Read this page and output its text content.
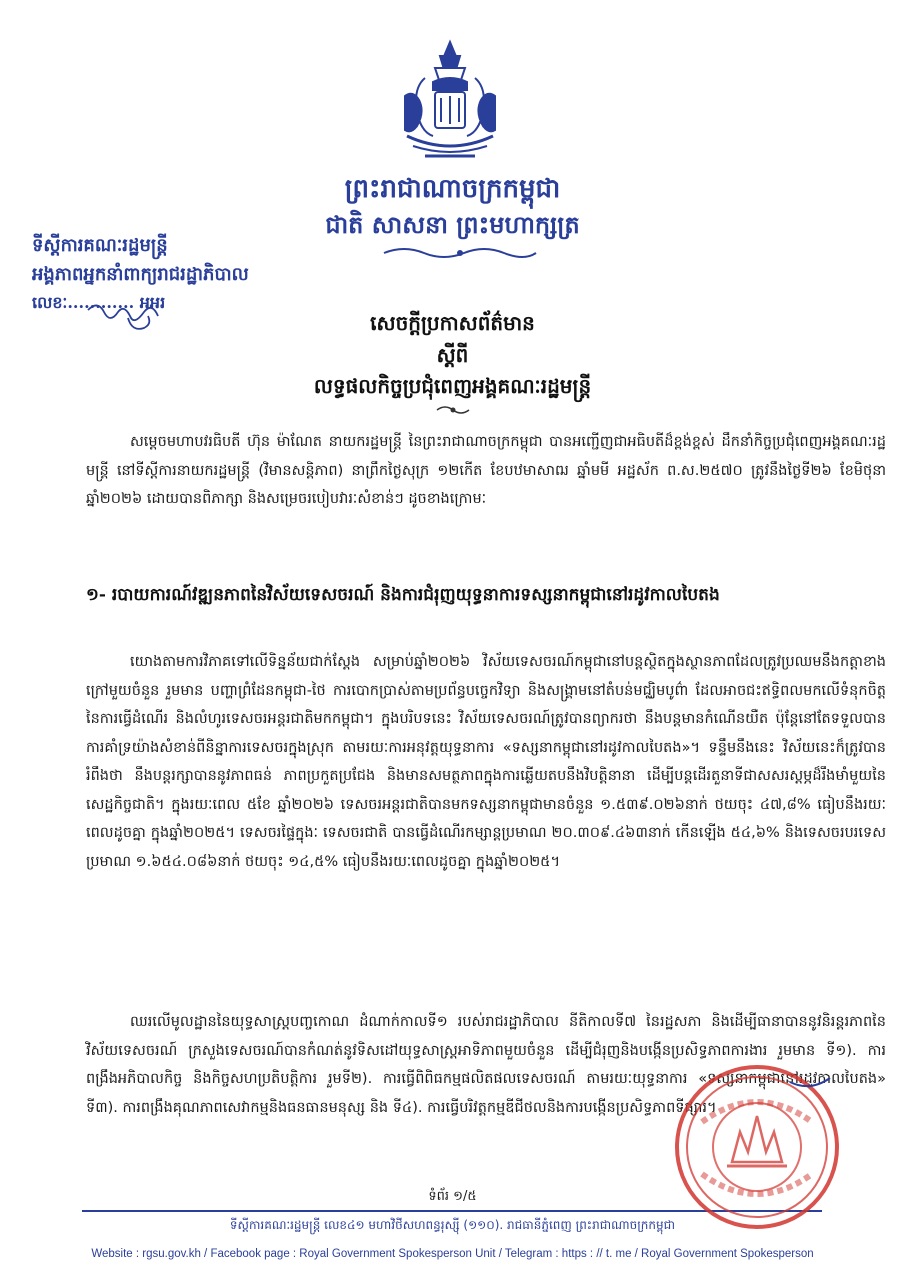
ព្រះរាជាណាចក្រកម្ពុជា
ជាតិ សាសនា ព្រះមហាក្សត្រ
ទីស្ដីការគណៈរដ្ឋមន្ត្រី
អង្គភាពអ្នកនាំពាក្យរាជរដ្ឋាភិបាល
លេខៈ............ អអរ
សេចក្ដីប្រកាសព័ត៌មាន
ស្ដីពី
លទ្ធផលកិច្ចប្រជុំពេញអង្គគណៈរដ្ឋមន្ត្រី
សម្ដេចមហាបវរធិបតី ហ៊ុន ម៉ាណែត នាយករដ្ឋមន្ត្រី នៃព្រះរាជាណាចក្រកម្ពុជា បានអញ្ជើញជាអធិបតីដ៏ខ្ពង់ខ្ពស់ ដឹកនាំកិច្ចប្រជុំពេញអង្គគណៈរដ្ឋមន្ត្រី នៅទីស្ដីការនាយករដ្ឋមន្ត្រី (វិមានសន្តិភាព) នាព្រឹកថ្ងៃសុក្រ ១២កើត ខែបឋមាសាឍ ឆ្នាំមមី អដ្ឋស័ក ព.ស.២៥៧០ ត្រូវនឹងថ្ងៃទី២៦ ខែមិថុនា ឆ្នាំ២០២៦ ដោយបានពិភាក្សា និងសម្រេចរបៀបវារៈសំខាន់ៗ ដូចខាងក្រោមៈ
១- របាយការណ៍វឌ្ឍនភាពនៃវិស័យទេសចរណ៍ និងការជំរុញយុទ្ធនាការទស្សនាកម្ពុជានៅរដូវកាលបៃតង
យោងតាមការវិភាគទៅលើទិន្នន័យជាក់ស្ដែង សម្រាប់ឆ្នាំ២០២៦ វិស័យទេសចរណ៍កម្ពុជានៅបន្តស្ថិតក្នុងស្ថានភាពដែលត្រូវប្រឈមនឹងកត្តាខាងក្រៅមួយចំនួន រួមមាន បញ្ហាព្រំដែនកម្ពុជា-ថៃ ការបោកប្រាស់តាមប្រព័ន្ធបច្ចេកវិទ្យា និងសង្គ្រាមនៅតំបន់មជ្ឈិមបូព៌ា ដែលអាចជះឥទ្ធិពលមកលើទំនុកចិត្តនៃការធ្វើដំណើរ និងលំហូរទេសចរអន្តរជាតិមកកម្ពុជា។ ក្នុងបរិបទនេះ វិស័យទេសចរណ៍ត្រូវបានព្យាករថា នឹងបន្តមានកំណើនយឺត ប៉ុន្តែនៅតែទទួលបានការគាំទ្រយ៉ាងសំខាន់ពីនិន្នាការទេសចរក្នុងស្រុក តាមរយៈការអនុវត្តយុទ្ធនាការ «ទស្សនាកម្ពុជានៅរដូវកាលបៃតង»។ ទន្ទឹមនឹងនេះ វិស័យនេះក៏ត្រូវបានរំពឹងថា នឹងបន្តរក្សាបាននូវភាពធន់ ភាពប្រកួតប្រជែង និងមានសមត្ថភាពក្នុងការឆ្លើយតបនឹងវិបត្តិនានា ដើម្បីបន្តដើរតួនាទីជាសសរស្ដម្ភដ៏រឹងមាំមួយនៃសេដ្ឋកិច្ចជាតិ។ ក្នុងរយៈពេល ៥ខែ ឆ្នាំ២០២៦ ទេសចរអន្តរជាតិបានមកទស្សនាកម្ពុជាមានចំនួន ១.៥៣៩.០២៦នាក់ ថយចុះ ៤៧,៨% ធៀបនឹងរយៈពេលដូចគ្នា ក្នុងឆ្នាំ២០២៥។ ទេសចរផ្ទៃក្នុងៈ ទេសចរជាតិ បានធ្វើដំណើរកម្សាន្តប្រមាណ ២០.៣០៩.៤៦៣នាក់ កើនឡើង ៥៤,៦% និងទេសចរបរទេស ប្រមាណ ១.៦៥៤.០៨៦នាក់ ថយចុះ ១៤,៥% ធៀបនឹងរយៈពេលដូចគ្នា ក្នុងឆ្នាំ២០២៥។
ឈរលើមូលដ្ឋាននៃយុទ្ធសាស្ត្របញ្ចកោណ ដំណាក់កាលទី១ របស់រាជរដ្ឋាភិបាល នីតិកាលទី៧ នៃរដ្ឋសភា និងដើម្បីធានាបាននូវនិរន្តរភាពនៃវិស័យទេសចរណ៍ ក្រសួងទេសចរណ៍បានកំណត់នូវទិសដៅយុទ្ធសាស្ត្រអាទិភាពមួយចំនួន ដើម្បីជំរុញនិងបង្កើនប្រសិទ្ធភាពការងារ រួមមាន ទី១). ការពង្រឹងអភិបាលកិច្ច និងកិច្ចសហប្រតិបត្តិការ រួមទី២). ការធ្វើពិពិធកម្មផលិតផលទេសចរណ៍ តាមរយៈយុទ្ធនាការ «ទស្សនាកម្ពុជានៅរដូវកាលបៃតង» ទី៣). ការពង្រឹងគុណភាពសេវាកម្មនិងធនធានមនុស្ស និង ទី៤). ការធ្វើបរិវត្តកម្មឌីជីថលនិងការបង្កើនប្រសិទ្ធភាពទីផ្សារ។
ទំព័រ ១/៥
ទីស្ដីការគណៈរដ្ឋមន្ត្រី លេខ៤១ មហាវិថីសហពន្ធរុស្ស៊ី (១១០). រាជធានីភ្នំពេញ ព្រះរាជាណាចក្រកម្ពុជា
Website : rgsu.gov.kh / Facebook page : Royal Government Spokesperson Unit / Telegram : https : // t. me / Royal Government Spokesperson
